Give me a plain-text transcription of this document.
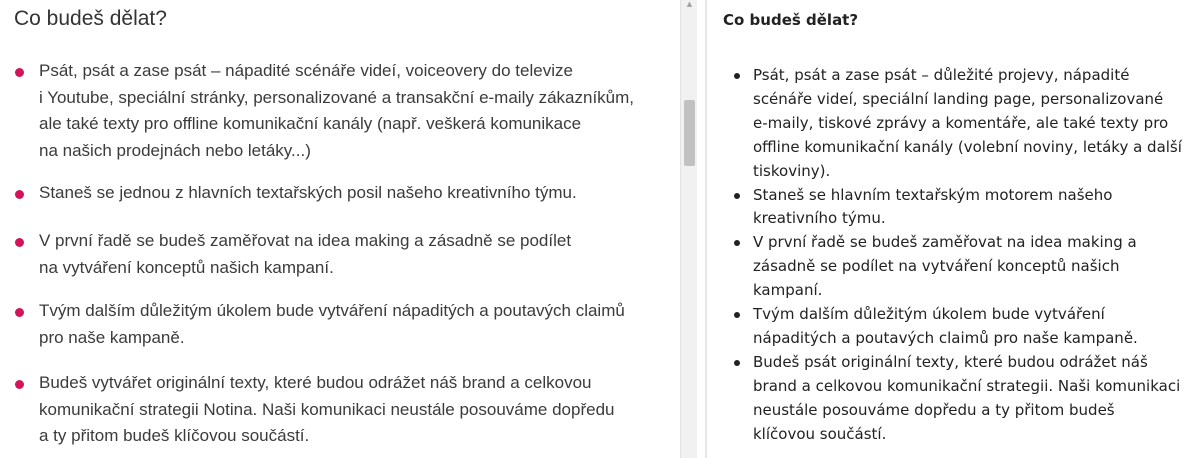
Co budeš dělat?
Psát, psát a zase psát – nápadité scénáře videí, voiceovery do televize
i Youtube, speciální stránky, personalizované a transakční e-maily zákazníkům,
ale také texty pro offline komunikační kanály (např. veškerá komunikace
na našich prodejnách nebo letáky...)
Staneš se jednou z hlavních textařských posil našeho kreativního týmu.
V první řadě se budeš zaměřovat na idea making a zásadně se podílet
na vytváření konceptů našich kampaní.
Tvým dalším důležitým úkolem bude vytváření nápaditých a poutavých claimů
pro naše kampaně.
Budeš vytvářet originální texty, které budou odrážet náš brand a celkovou
komunikační strategii Notina. Naši komunikaci neustále posouváme dopředu
a ty přitom budeš klíčovou součástí.
▲
Co budeš dělat?
Psát, psát a zase psát – důležité projevy, nápadité
scénáře videí, speciální landing page, personalizované
e-maily, tiskové zprávy a komentáře, ale také texty pro
offline komunikační kanály (volební noviny, letáky a další
tiskoviny).
Staneš se hlavním textařským motorem našeho
kreativního týmu.
V první řadě se budeš zaměřovat na idea making a
zásadně se podílet na vytváření konceptů našich
kampaní.
Tvým dalším důležitým úkolem bude vytváření
nápaditých a poutavých claimů pro naše kampaně.
Budeš psát originální texty, které budou odrážet náš
brand a celkovou komunikační strategii. Naši komunikaci
neustále posouváme dopředu a ty přitom budeš
klíčovou součástí.
